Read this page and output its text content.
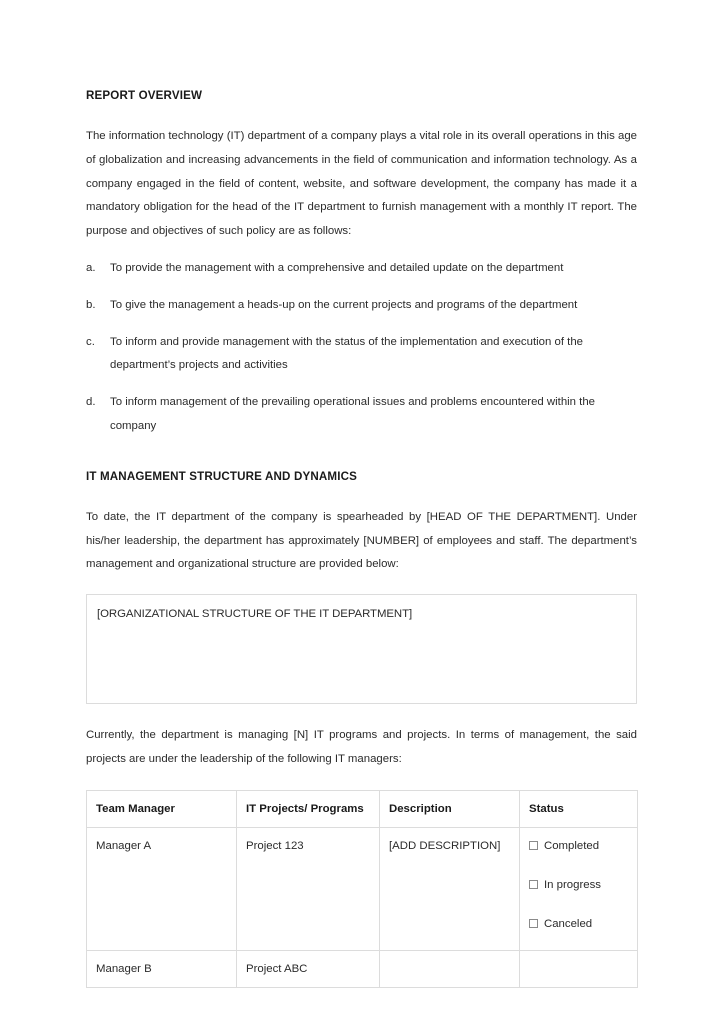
REPORT OVERVIEW

The information technology (IT) department of a company plays a vital role in its overall operations in this age of globalization and increasing advancements in the field of communication and information technology. As a company engaged in the field of content, website, and software development, the company has made it a mandatory obligation for the head of the IT department to furnish management with a monthly IT report. The purpose and objectives of such policy are as follows:

a.	To provide the management with a comprehensive and detailed update on the department
b.	To give the management a heads-up on the current projects and programs of the department
c.	To inform and provide management with the status of the implementation and execution of the department’s projects and activities
d.	To inform management of the prevailing operational issues and problems encountered within the company
IT MANAGEMENT STRUCTURE AND DYNAMICS

To date, the IT department of the company is spearheaded by [HEAD OF THE DEPARTMENT]. Under his/her leadership, the department has approximately [NUMBER] of employees and staff. The department’s management and organizational structure are provided below:

[ORGANIZATIONAL STRUCTURE OF THE IT DEPARTMENT]

Currently, the department is managing [N] IT programs and projects. In terms of management, the said projects are under the leadership of the following IT managers:

Team Manager	IT Projects/ Programs	Description	Status
Manager A	Project 123	[ADD DESCRIPTION]	Completed
In progress
Canceled

Manager B	Project ABC		
